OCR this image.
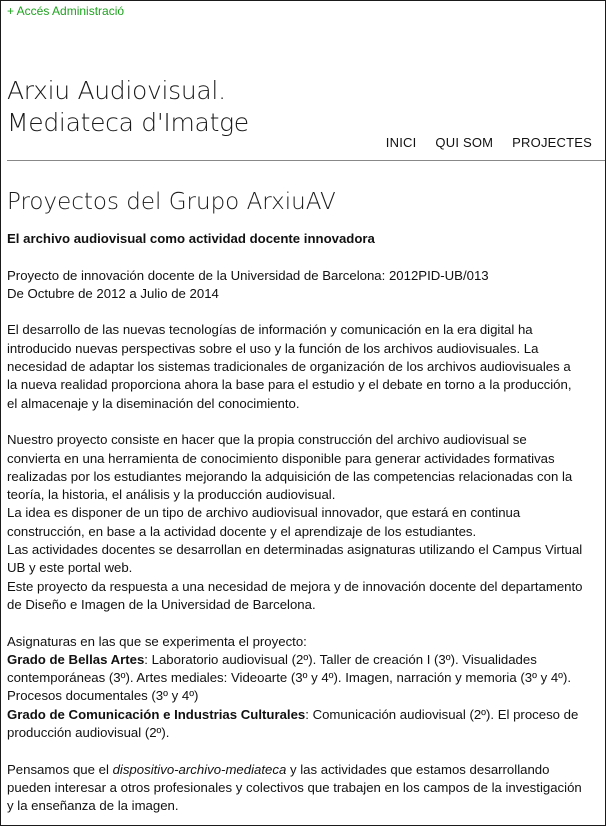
+ Accés Administració
Arxiu Audiovisual.
Mediateca d'Imatge
INICI QUI SOM PROJECTES
Proyectos del Grupo ArxiuAV

El archivo audiovisual como actividad docente innovadora

Proyecto de innovación docente de la Universidad de Barcelona: 2012PID-UB/013

De Octubre de 2012 a Julio de 2014

El desarrollo de las nuevas tecnologías de información y comunicación en la era digital ha introducido nuevas perspectivas sobre el uso y la función de los archivos audiovisuales. La necesidad de adaptar los sistemas tradicionales de organización de los archivos audiovisuales a la nueva realidad proporciona ahora la base para el estudio y el debate en torno a la producción, el almacenaje y la diseminación del conocimiento.

Nuestro proyecto consiste en hacer que la propia construcción del archivo audiovisual se convierta en una herramienta de conocimiento disponible para generar actividades formativas realizadas por los estudiantes mejorando la adquisición de las competencias relacionadas con la teoría, la historia, el análisis y la producción audiovisual.

La idea es disponer de un tipo de archivo audiovisual innovador, que estará en continua construcción, en base a la actividad docente y el aprendizaje de los estudiantes.

Las actividades docentes se desarrollan en determinadas asignaturas utilizando el Campus Virtual UB y este portal web.

Este proyecto da respuesta a una necesidad de mejora y de innovación docente del departamento de Diseño e Imagen de la Universidad de Barcelona.

Asignaturas en las que se experimenta el proyecto:

Grado de Bellas Artes: Laboratorio audiovisual (2º). Taller de creación I (3º). Visualidades contemporáneas (3º). Artes mediales: Videoarte (3º y 4º). Imagen, narración y memoria (3º y 4º). Procesos documentales (3º y 4º)

Grado de Comunicación e Industrias Culturales: Comunicación audiovisual (2º). El proceso de producción audiovisual (2º).

Pensamos que el dispositivo-archivo-mediateca y las actividades que estamos desarrollando pueden interesar a otros profesionales y colectivos que trabajen en los campos de la investigación y la enseñanza de la imagen.
